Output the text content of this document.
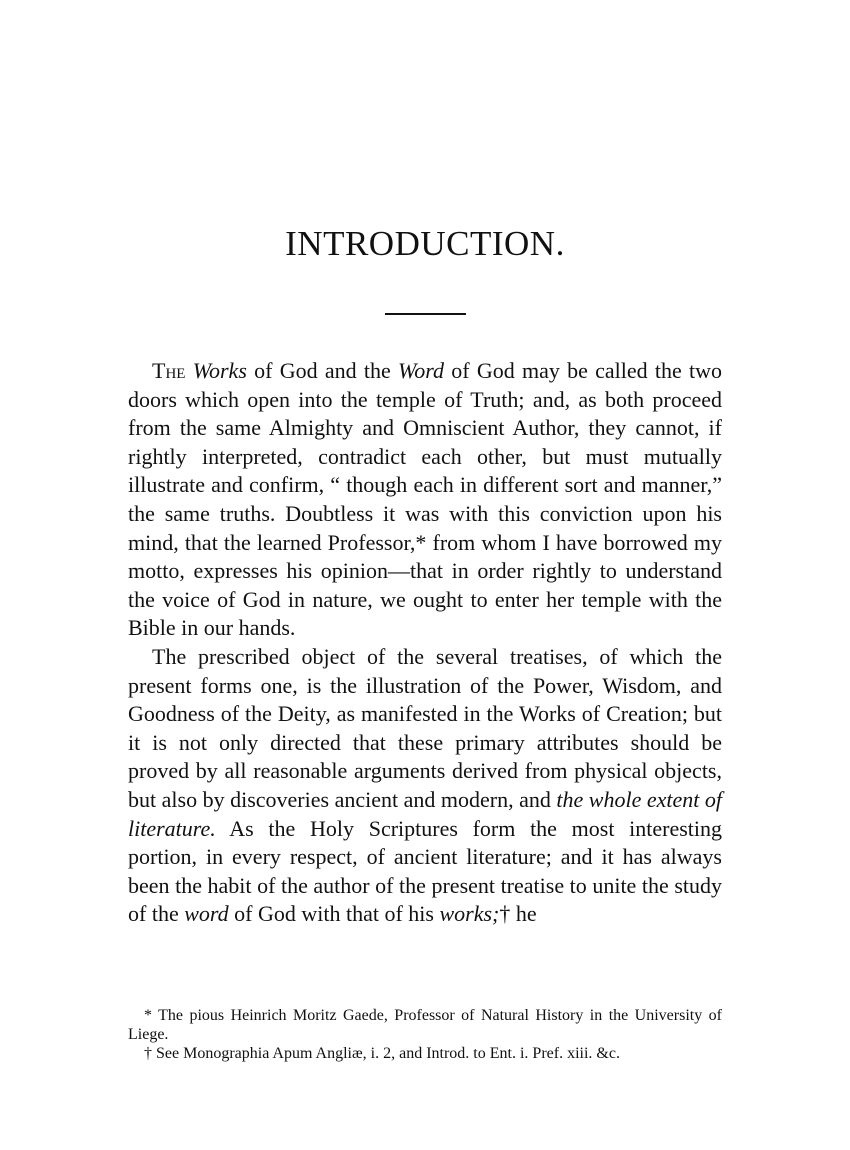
INTRODUCTION.

The Works of God and the Word of God may be called the two doors which open into the temple of Truth; and, as both proceed from the same Almighty and Omniscient Author, they cannot, if rightly interpreted, contradict each other, but must mutually illustrate and confirm, “ though each in different sort and manner,” the same truths. Doubtless it was with this conviction upon his mind, that the learned Professor,* from whom I have borrowed my motto, expresses his opinion—that in order rightly to understand the voice of God in nature, we ought to enter her temple with the Bible in our hands.

The prescribed object of the several treatises, of which the present forms one, is the illustration of the Power, Wisdom, and Goodness of the Deity, as manifested in the Works of Creation; but it is not only directed that these primary attributes should be proved by all reasonable arguments derived from physical objects, but also by discoveries ancient and modern, and the whole extent of literature. As the Holy Scriptures form the most interesting portion, in every respect, of ancient literature; and it has always been the habit of the author of the present treatise to unite the study of the word of God with that of his works;† he

* The pious Heinrich Moritz Gaede, Professor of Natural History in the University of Liege.

† See Monographia Apum Angliæ, i. 2, and Introd. to Ent. i. Pref. xiii. &c.
